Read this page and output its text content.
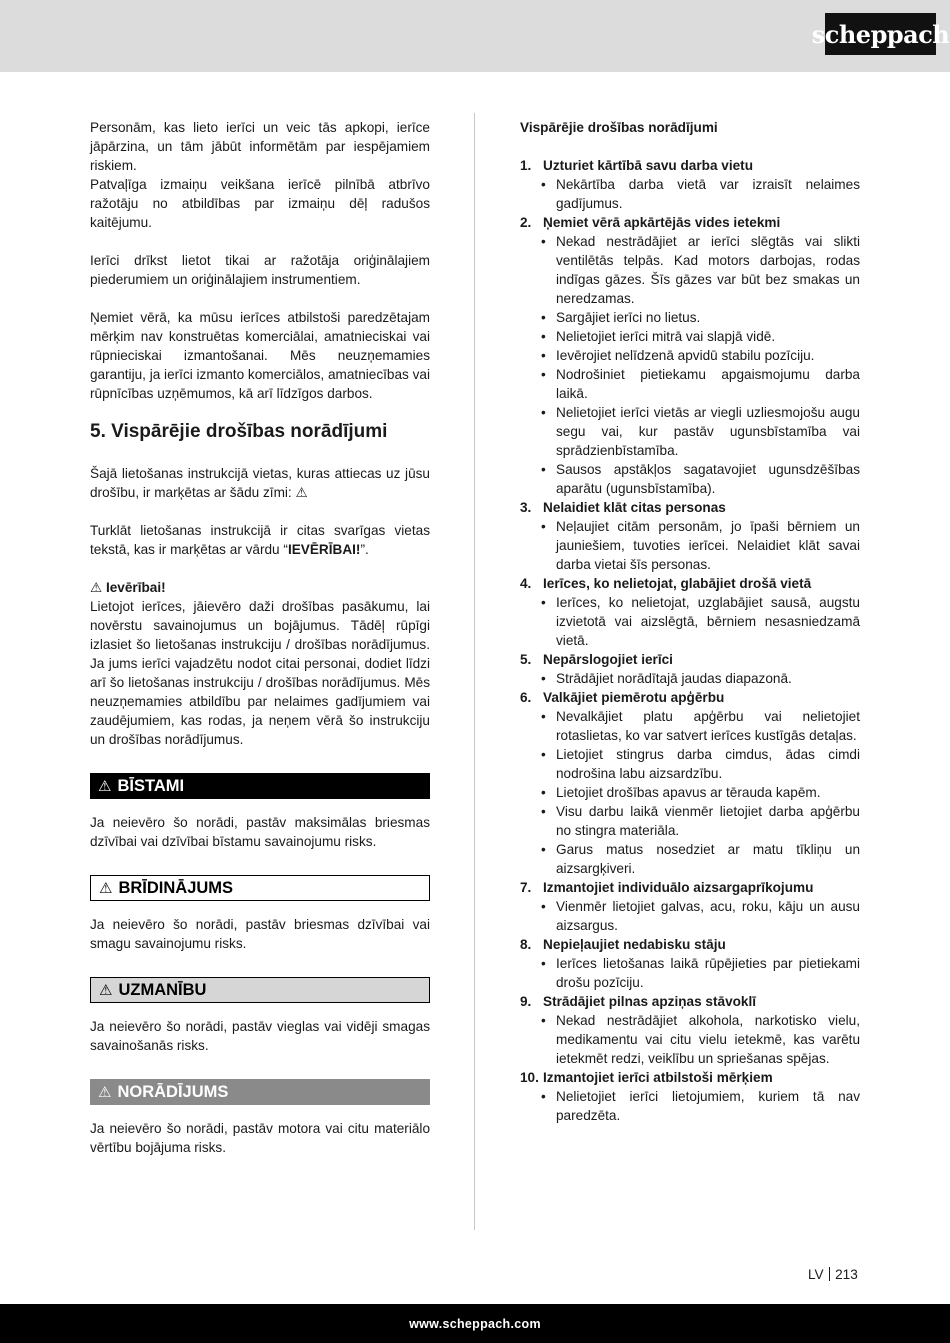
scheppach

Personām, kas lieto ierīci un veic tās apkopi, ierīce jāpārzina, un tām jābūt informētām par iespējamiem riskiem.

Patvaļīga izmaiņu veikšana ierīcē pilnībā atbrīvo ražotāju no atbildības par izmaiņu dēļ radušos kaitējumu.

Ierīci drīkst lietot tikai ar ražotāja oriģinālajiem piederumiem un oriģinālajiem instrumentiem.

Ņemiet vērā, ka mūsu ierīces atbilstoši paredzētajam mērķim nav konstruētas komerciālai, amatnieciskai vai rūpnieciskai izmantošanai. Mēs neuzņemamies garantiju, ja ierīci izmanto komerciālos, amatniecības vai rūpnīcības uzņēmumos, kā arī līdzīgos darbos.

5. Vispārējie drošības norādījumi

Šajā lietošanas instrukcijā vietas, kuras attiecas uz jūsu drošību, ir marķētas ar šādu zīmi: ⚠

Turklāt lietošanas instrukcijā ir citas svarīgas vietas tekstā, kas ir marķētas ar vārdu “IEVĒRĪBAI!”.

⚠ Ievērībai!

Lietojot ierīces, jāievēro daži drošības pasākumu, lai novērstu savainojumus un bojājumus. Tādēļ rūpīgi izlasiet šo lietošanas instrukciju / drošības norādījumus. Ja jums ierīci vajadzētu nodot citai personai, dodiet līdzi arī šo lietošanas instrukciju / drošības norādījumus. Mēs neuzņemamies atbildību par nelaimes gadījumiem vai zaudējumiem, kas rodas, ja neņem vērā šo instrukciju un drošības norādījumus.

⚠ BĪSTAMI

Ja neievēro šo norādi, pastāv maksimālas briesmas dzīvībai vai dzīvībai bīstamu savainojumu risks.

⚠ BRĪDINĀJUMS

Ja neievēro šo norādi, pastāv briesmas dzīvībai vai smagu savainojumu risks.

⚠ UZMANĪBU

Ja neievēro šo norādi, pastāv vieglas vai vidēji smagas savainošanās risks.

⚠ NORĀDĪJUMS

Ja neievēro šo norādi, pastāv motora vai citu materiālo vērtību bojājuma risks.

Vispārējie drošības norādījumi
1. Uzturiet kārtībā savu darba vietu
• Nekārtība darba vietā var izraisīt nelaimes gadījumus.
2. Ņemiet vērā apkārtējās vides ietekmi
• Nekad nestrādājiet ar ierīci slēgtās vai slikti ventilētās telpās. Kad motors darbojas, rodas indīgas gāzes. Šīs gāzes var būt bez smakas un neredzamas.
• Sargājiet ierīci no lietus.
• Nelietojiet ierīci mitrā vai slapjā vidē.
• Ievērojiet nelīdzenā apvidū stabilu pozīciju.
• Nodrošiniet pietiekamu apgaismojumu darba laikā.
• Nelietojiet ierīci vietās ar viegli uzliesmojošu augu segu vai, kur pastāv ugunsbīstamība vai sprādzienbīstamība.
• Sausos apstākļos sagatavojiet ugunsdzēšības aparātu (ugunsbīstamība).
3. Nelaidiet klāt citas personas
• Neļaujiet citām personām, jo īpaši bērniem un jauniešiem, tuvoties ierīcei. Nelaidiet klāt savai darba vietai šīs personas.
4. Ierīces, ko nelietojat, glabājiet drošā vietā
• Ierīces, ko nelietojat, uzglabājiet sausā, augstu izvietotā vai aizslēgtā, bērniem nesasniedzamā vietā.
5. Nepārslogojiet ierīci
• Strādājiet norādītajā jaudas diapazonā.
6. Valkājiet piemērotu apģērbu
• Nevalkājiet platu apģērbu vai nelietojiet rotaslietas, ko var satvert ierīces kustīgās detaļas.
• Lietojiet stingrus darba cimdus, ādas cimdi nodrošina labu aizsardzību.
• Lietojiet drošības apavus ar tērauda kapēm.
• Visu darbu laikā vienmēr lietojiet darba apģērbu no stingra materiāla.
• Garus matus nosedziet ar matu tīkliņu un aizsargķiveri.
7. Izmantojiet individuālo aizsargaprīkojumu
• Vienmēr lietojiet galvas, acu, roku, kāju un ausu aizsargus.
8. Nepieļaujiet nedabisku stāju
• Ierīces lietošanas laikā rūpējieties par pietiekami drošu pozīciju.
9. Strādājiet pilnas apziņas stāvoklī
• Nekad nestrādājiet alkohola, narkotisko vielu, medikamentu vai citu vielu ietekmē, kas varētu ietekmēt redzi, veiklību un spriešanas spējas.
10. Izmantojiet ierīci atbilstoši mērķiem
• Nelietojiet ierīci lietojumiem, kuriem tā nav paredzēta.
LV 213
www.scheppach.com
